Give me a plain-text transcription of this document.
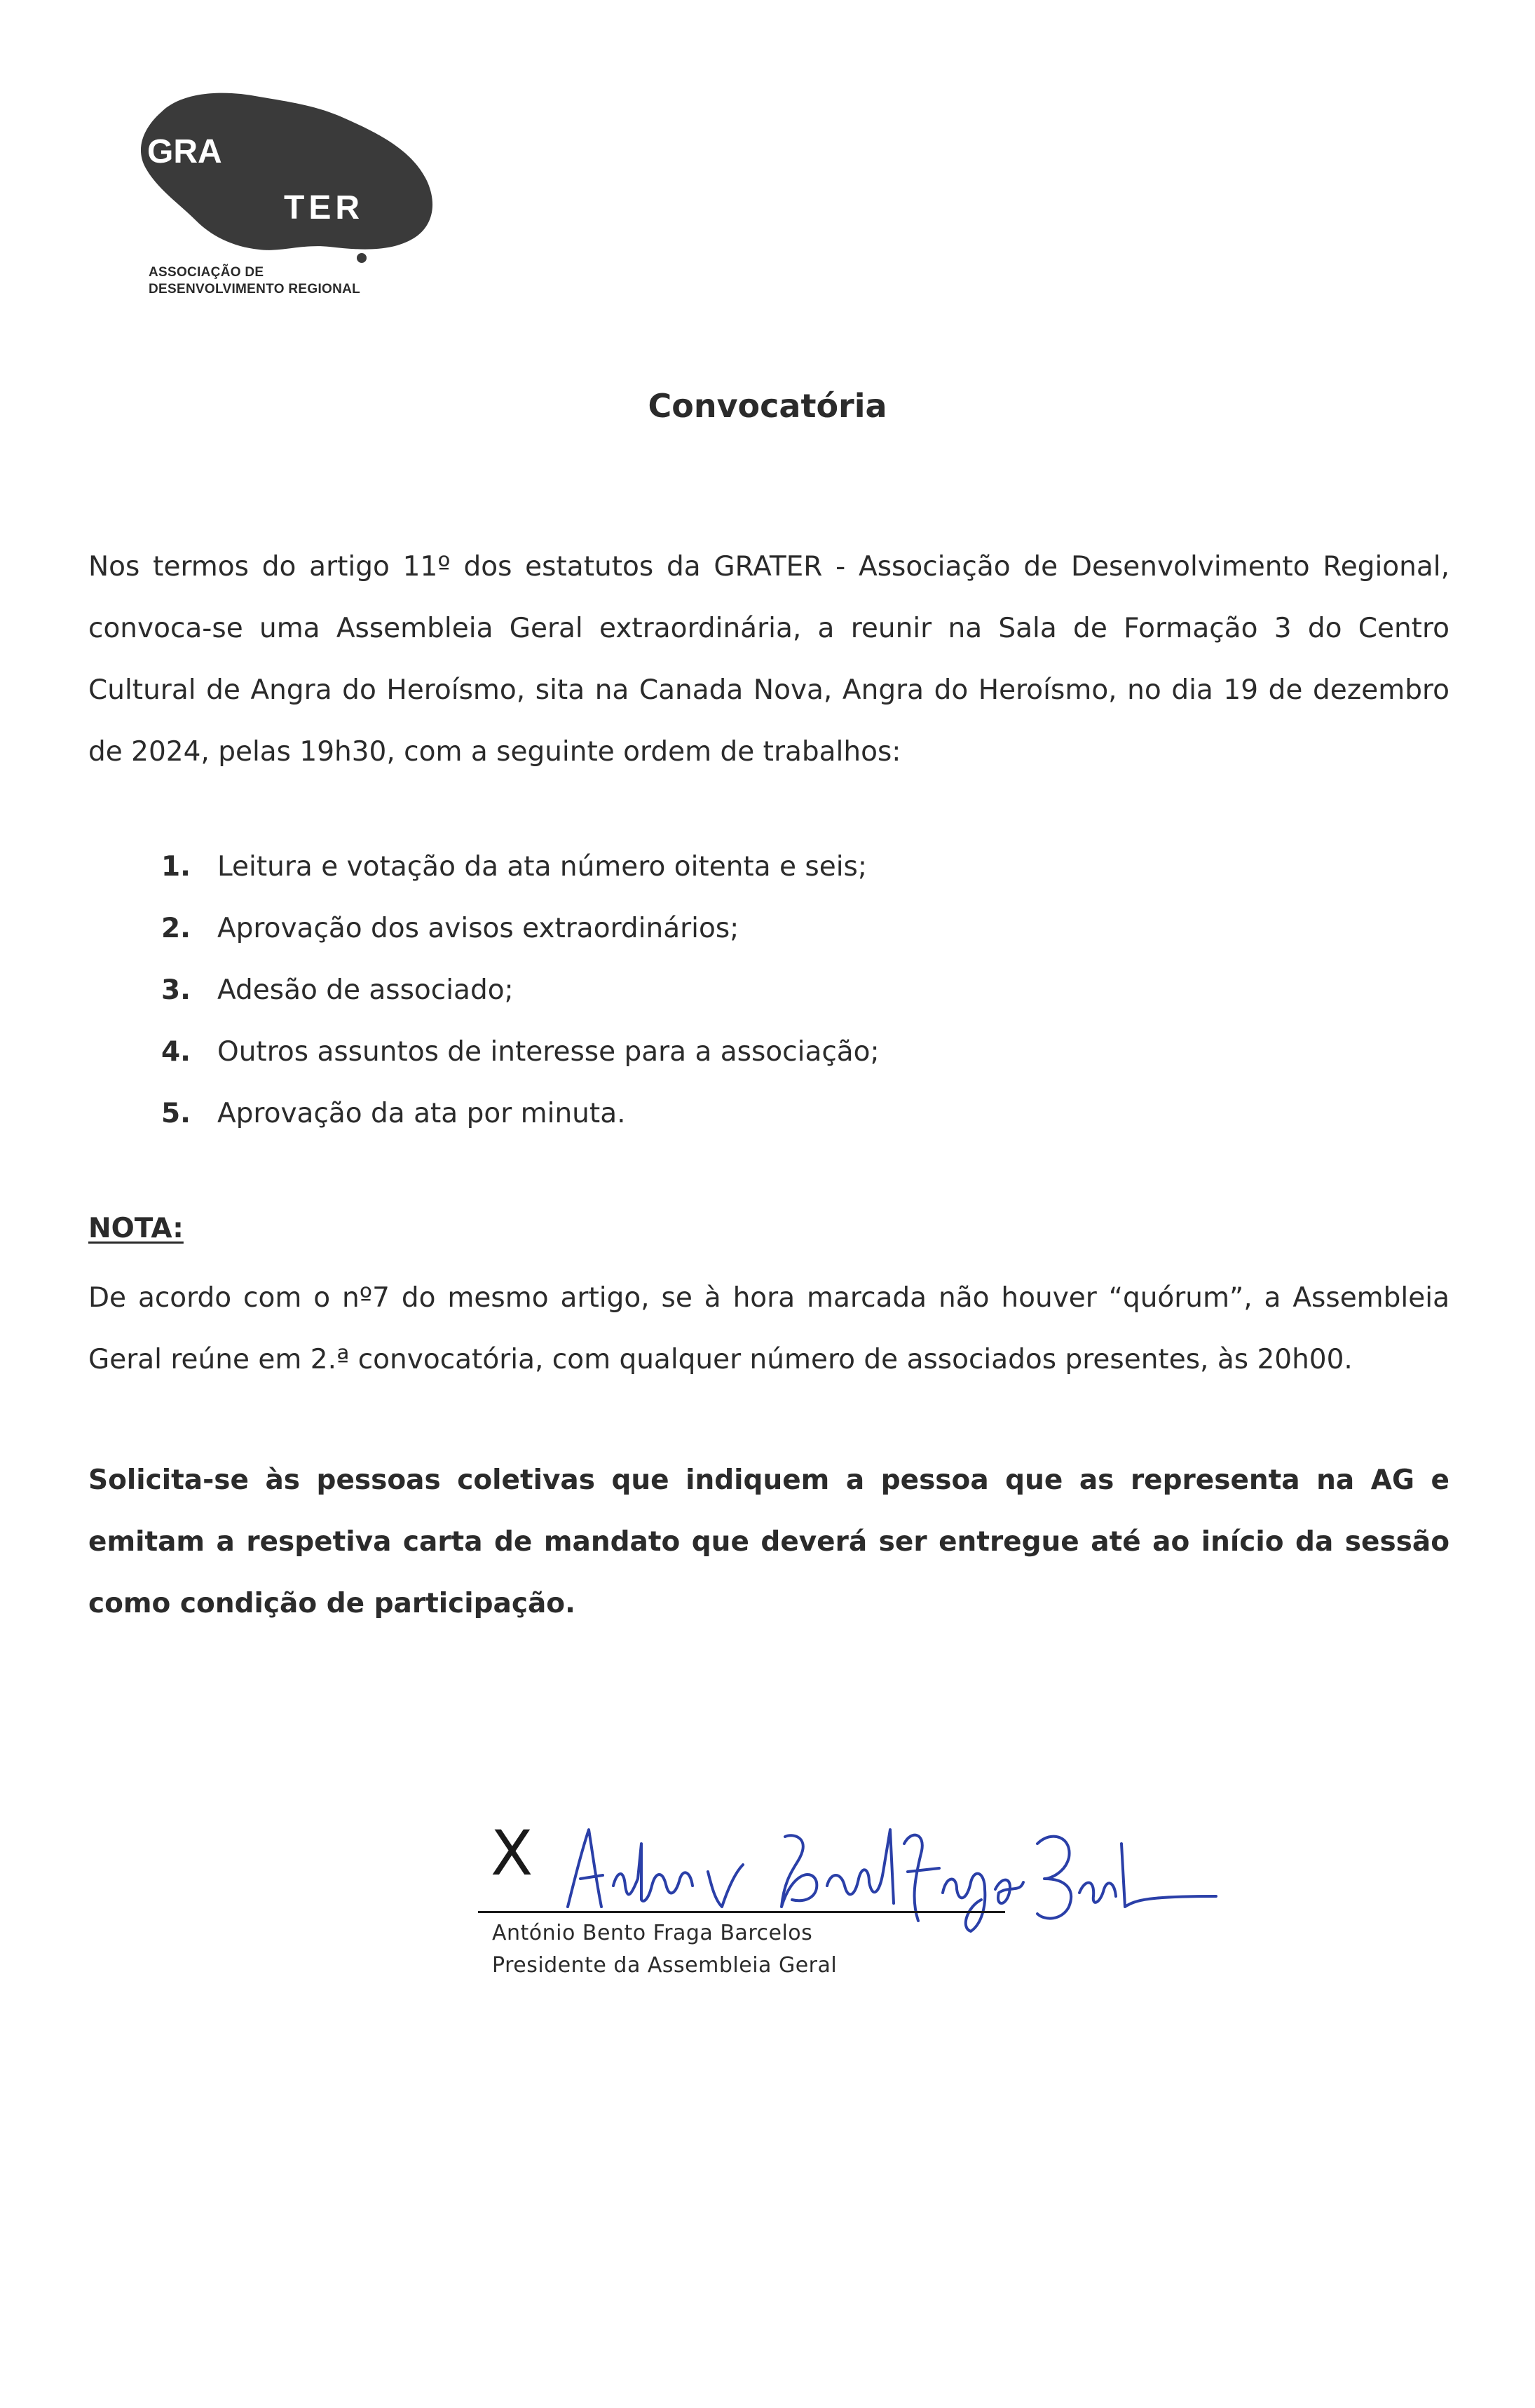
GRA
TER
ASSOCIAÇÃO DE
DESENVOLVIMENTO REGIONAL
Convocatória
Nos termos do artigo 11º dos estatutos da GRATER - Associação de Desenvolvimento Regional, convoca-se uma Assembleia Geral extraordinária, a reunir na Sala de Formação 3 do Centro Cultural de Angra do Heroísmo, sita na Canada Nova, Angra do Heroísmo, no dia 19 de dezembro de 2024, pelas 19h30, com a seguinte ordem de trabalhos:
1. Leitura e votação da ata número oitenta e seis;
2. Aprovação dos avisos extraordinários;
3. Adesão de associado;
4. Outros assuntos de interesse para a associação;
5. Aprovação da ata por minuta.
NOTA:
De acordo com o nº7 do mesmo artigo, se à hora marcada não houver “quórum”, a Assembleia Geral reúne em 2.ª convocatória, com qualquer número de associados presentes, às 20h00.
Solicita-se às pessoas coletivas que indiquem a pessoa que as representa na AG e emitam a respetiva carta de mandato que deverá ser entregue até ao início da sessão como condição de participação.
X
António Bento Fraga Barcelos
Presidente da Assembleia Geral
